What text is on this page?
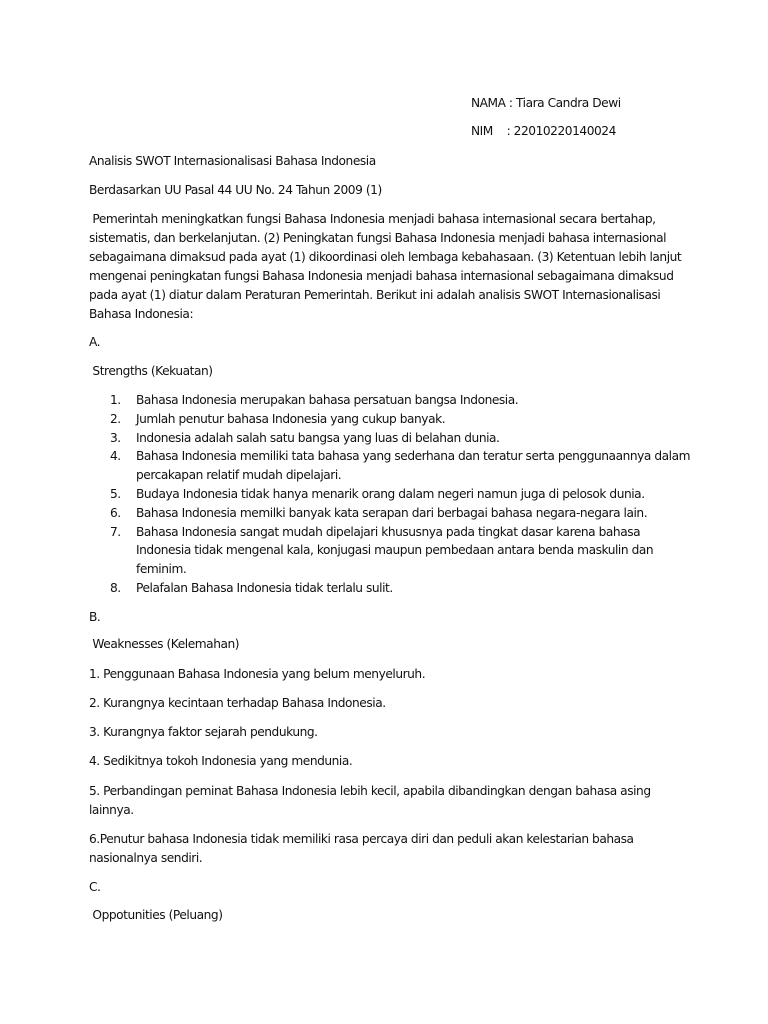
NAMA : Tiara Candra Dewi
NIM    : 22010220140024
Analisis SWOT Internasionalisasi Bahasa Indonesia
Berdasarkan UU Pasal 44 UU No. 24 Tahun 2009 (1)
Pemerintah meningkatkan fungsi Bahasa Indonesia menjadi bahasa internasional secara bertahap,
sistematis, dan berkelanjutan. (2) Peningkatan fungsi Bahasa Indonesia menjadi bahasa internasional
sebagaimana dimaksud pada ayat (1) dikoordinasi oleh lembaga kebahasaan. (3) Ketentuan lebih lanjut
mengenai peningkatan fungsi Bahasa Indonesia menjadi bahasa internasional sebagaimana dimaksud
pada ayat (1) diatur dalam Peraturan Pemerintah. Berikut ini adalah analisis SWOT Internasionalisasi
Bahasa Indonesia:
A.
Strengths (Kekuatan)
1. Bahasa Indonesia merupakan bahasa persatuan bangsa Indonesia.
2. Jumlah penutur bahasa Indonesia yang cukup banyak.
3. Indonesia adalah salah satu bangsa yang luas di belahan dunia.
4. Bahasa Indonesia memiliki tata bahasa yang sederhana dan teratur serta penggunaannya dalam
percakapan relatif mudah dipelajari.
5. Budaya Indonesia tidak hanya menarik orang dalam negeri namun juga di pelosok dunia.
6. Bahasa Indonesia memilki banyak kata serapan dari berbagai bahasa negara-negara lain.
7. Bahasa Indonesia sangat mudah dipelajari khususnya pada tingkat dasar karena bahasa
Indonesia tidak mengenal kala, konjugasi maupun pembedaan antara benda maskulin dan
feminim.
8. Pelafalan Bahasa Indonesia tidak terlalu sulit.
B.
Weaknesses (Kelemahan)
1. Penggunaan Bahasa Indonesia yang belum menyeluruh.
2. Kurangnya kecintaan terhadap Bahasa Indonesia.
3. Kurangnya faktor sejarah pendukung.
4. Sedikitnya tokoh Indonesia yang mendunia.
5. Perbandingan peminat Bahasa Indonesia lebih kecil, apabila dibandingkan dengan bahasa asing
lainnya.
6.Penutur bahasa Indonesia tidak memiliki rasa percaya diri dan peduli akan kelestarian bahasa
nasionalnya sendiri.
C.
Oppotunities (Peluang)
